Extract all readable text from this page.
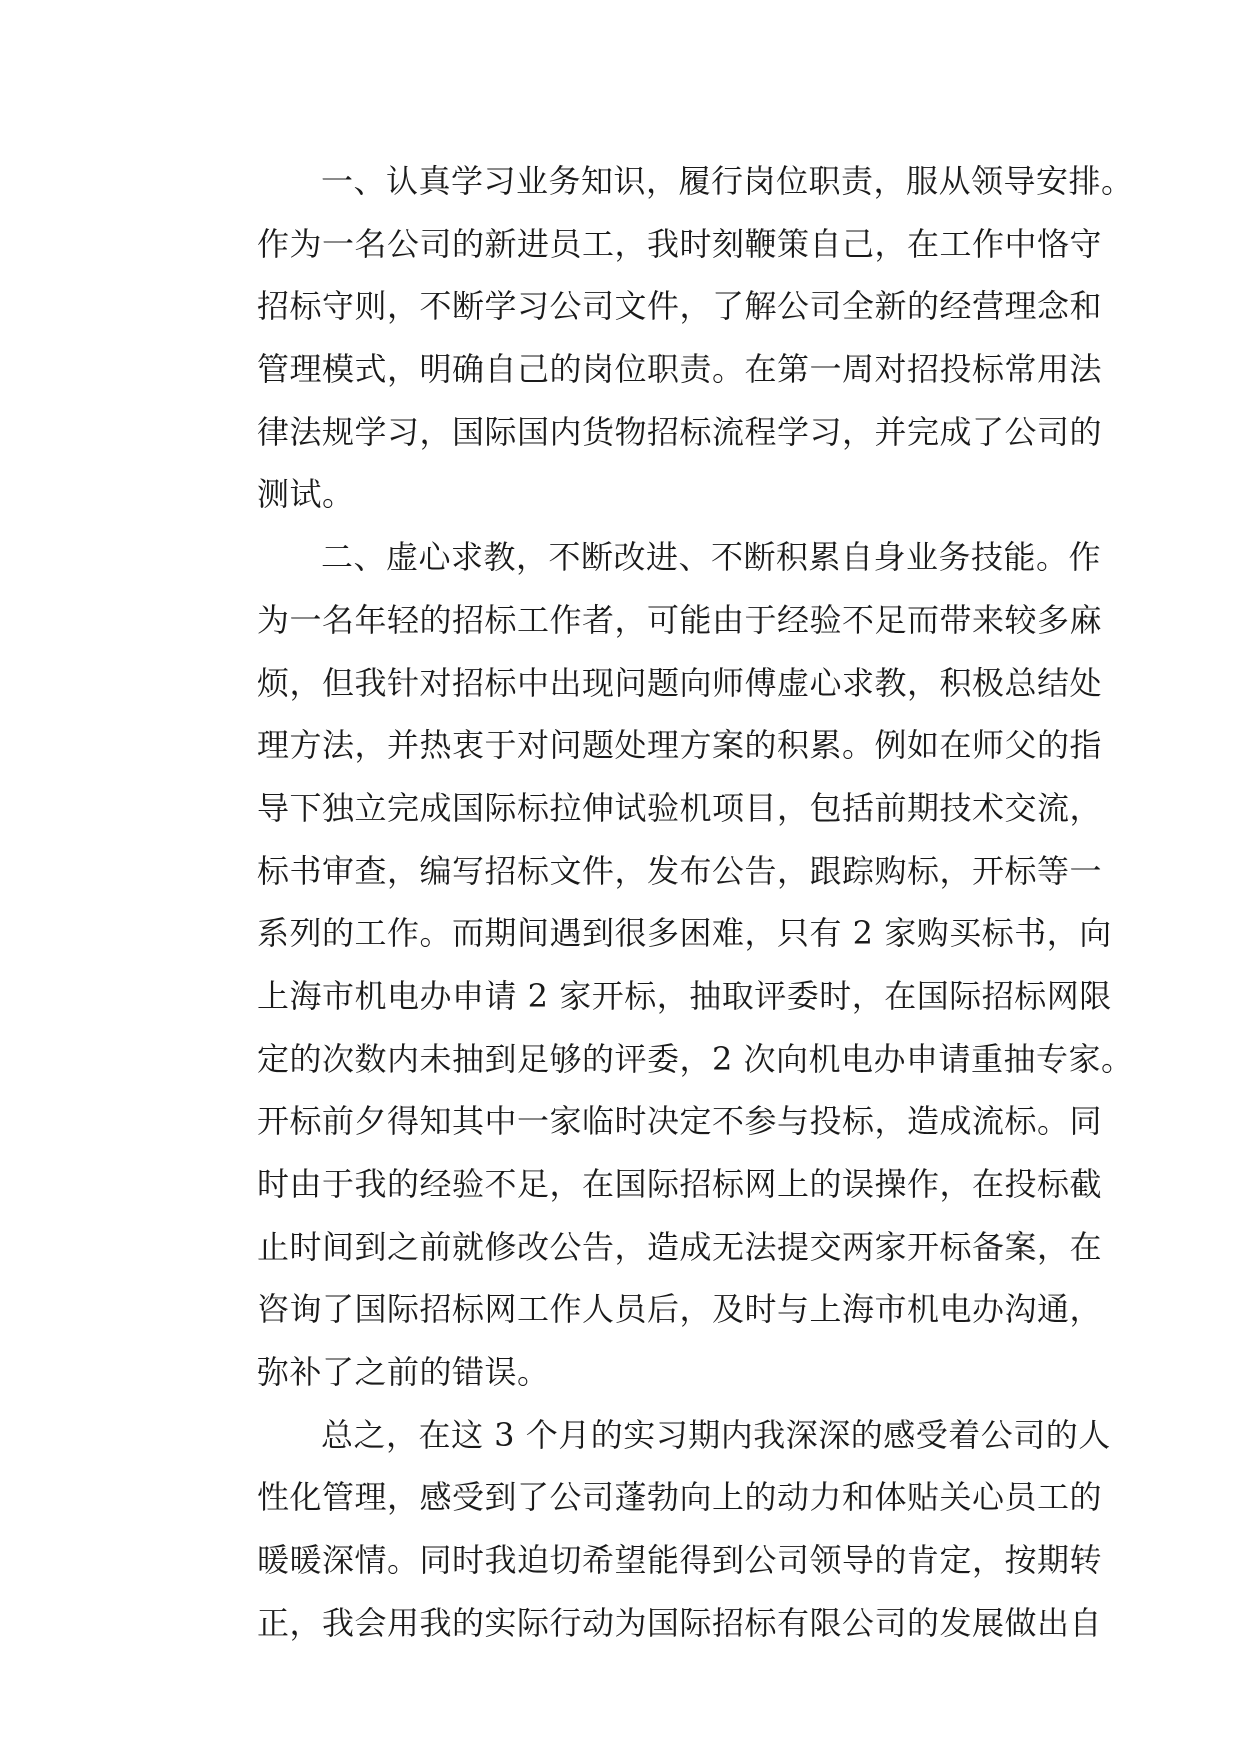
一、认真学习业务知识，履行岗位职责，服从领导安排。
作为一名公司的新进员工，我时刻鞭策自己，在工作中恪守
招标守则，不断学习公司文件，了解公司全新的经营理念和
管理模式，明确自己的岗位职责。在第一周对招投标常用法
律法规学习，国际国内货物招标流程学习，并完成了公司的
测试。
二、虚心求教，不断改进、不断积累自身业务技能。作
为一名年轻的招标工作者，可能由于经验不足而带来较多麻
烦，但我针对招标中出现问题向师傅虚心求教，积极总结处
理方法，并热衷于对问题处理方案的积累。例如在师父的指
导下独立完成国际标拉伸试验机项目，包括前期技术交流，
标书审查，编写招标文件，发布公告，跟踪购标，开标等一
系列的工作。而期间遇到很多困难，只有 2 家购买标书，向
上海市机电办申请 2 家开标，抽取评委时，在国际招标网限
定的次数内未抽到足够的评委，2 次向机电办申请重抽专家。
开标前夕得知其中一家临时决定不参与投标，造成流标。同
时由于我的经验不足，在国际招标网上的误操作，在投标截
止时间到之前就修改公告，造成无法提交两家开标备案，在
咨询了国际招标网工作人员后，及时与上海市机电办沟通，
弥补了之前的错误。
总之，在这 3 个月的实习期内我深深的感受着公司的人
性化管理，感受到了公司蓬勃向上的动力和体贴关心员工的
暖暖深情。同时我迫切希望能得到公司领导的肯定，按期转
正，我会用我的实际行动为国际招标有限公司的发展做出自
